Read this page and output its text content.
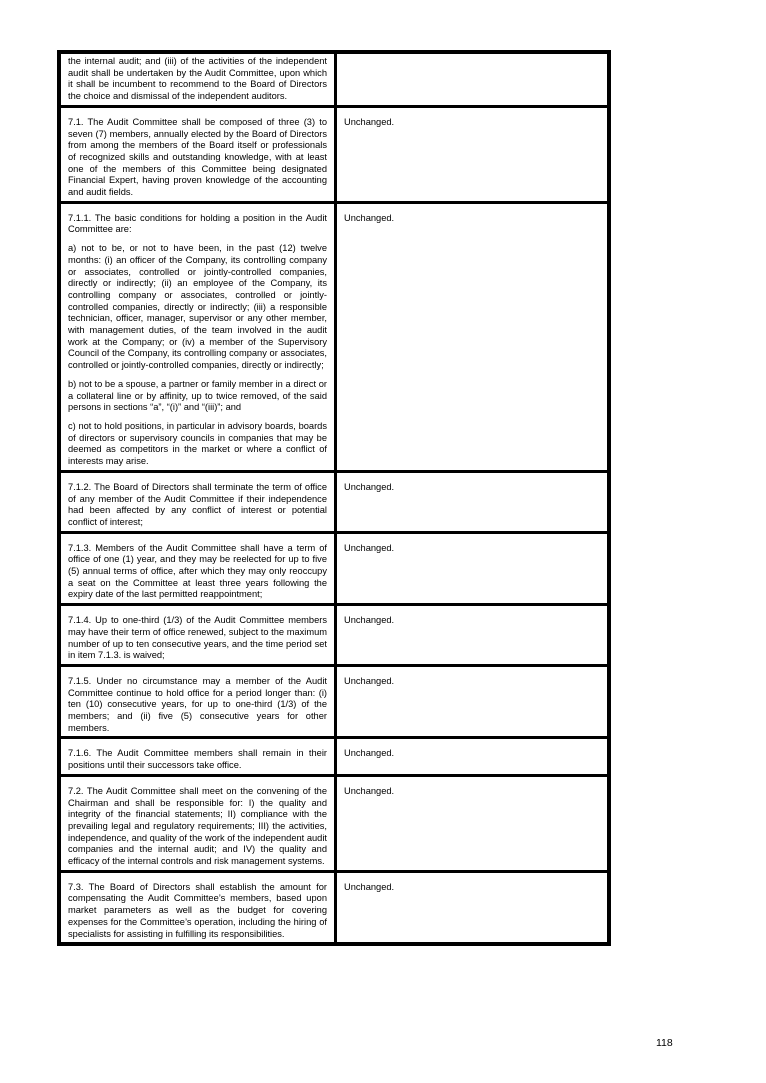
the internal audit; and (iii) of the activities of the independent audit shall be undertaken by the Audit Committee, upon which it shall be incumbent to recommend to the Board of Directors the choice and dismissal of the independent auditors.	

7.1. The Audit Committee shall be composed of three (3) to seven (7) members, annually elected by the Board of Directors from among the members of the Board itself or professionals of recognized skills and outstanding knowledge, with at least one of the members of this Committee being designated Financial Expert, having proven knowledge of the accounting and audit fields.	Unchanged.

7.1.1. The basic conditions for holding a position in the Audit Committee are:

a) not to be, or not to have been, in the past (12) twelve months: (i) an officer of the Company, its controlling company or associates, controlled or jointly-controlled companies, directly or indirectly; (ii) an employee of the Company, its controlling company or associates, controlled or jointly-controlled companies, directly or indirectly; (iii) a responsible technician, officer, manager, supervisor or any other member, with management duties, of the team involved in the audit work at the Company; or (iv) a member of the Supervisory Council of the Company, its controlling company or associates, controlled or jointly-controlled companies, directly or indirectly;

b) not to be a spouse, a partner or family member in a direct or a collateral line or by affinity, up to twice removed, of the said persons in sections “a”, “(i)” and “(iii)”; and

c) not to hold positions, in particular in advisory boards, boards of directors or supervisory councils in companies that may be deemed as competitors in the market or where a conflict of interests may arise.	Unchanged.

7.1.2. The Board of Directors shall terminate the term of office of any member of the Audit Committee if their independence had been affected by any conflict of interest or potential conflict of interest;	Unchanged.

7.1.3. Members of the Audit Committee shall have a term of office of one (1) year, and they may be reelected for up to five (5) annual terms of office, after which they may only reoccupy a seat on the Committee at least three years following the expiry date of the last permitted reappointment;	Unchanged.

7.1.4. Up to one-third (1/3) of the Audit Committee members may have their term of office renewed, subject to the maximum number of up to ten consecutive years, and the time period set in item 7.1.3. is waived;	Unchanged.

7.1.5. Under no circumstance may a member of the Audit Committee continue to hold office for a period longer than: (i) ten (10) consecutive years, for up to one-third (1/3) of the members; and (ii) five (5) consecutive years for other members.	Unchanged.

7.1.6. The Audit Committee members shall remain in their positions until their successors take office.	Unchanged.

7.2. The Audit Committee shall meet on the convening of the Chairman and shall be responsible for: I) the quality and integrity of the financial statements; II) compliance with the prevailing legal and regulatory requirements; III) the activities, independence, and quality of the work of the independent audit companies and the internal audit; and IV) the quality and efficacy of the internal controls and risk management systems.	Unchanged.

7.3. The Board of Directors shall establish the amount for compensating the Audit Committee’s members, based upon market parameters as well as the budget for covering expenses for the Committee’s operation, including the hiring of specialists for assisting in fulfilling its responsibilities.	Unchanged.
118
